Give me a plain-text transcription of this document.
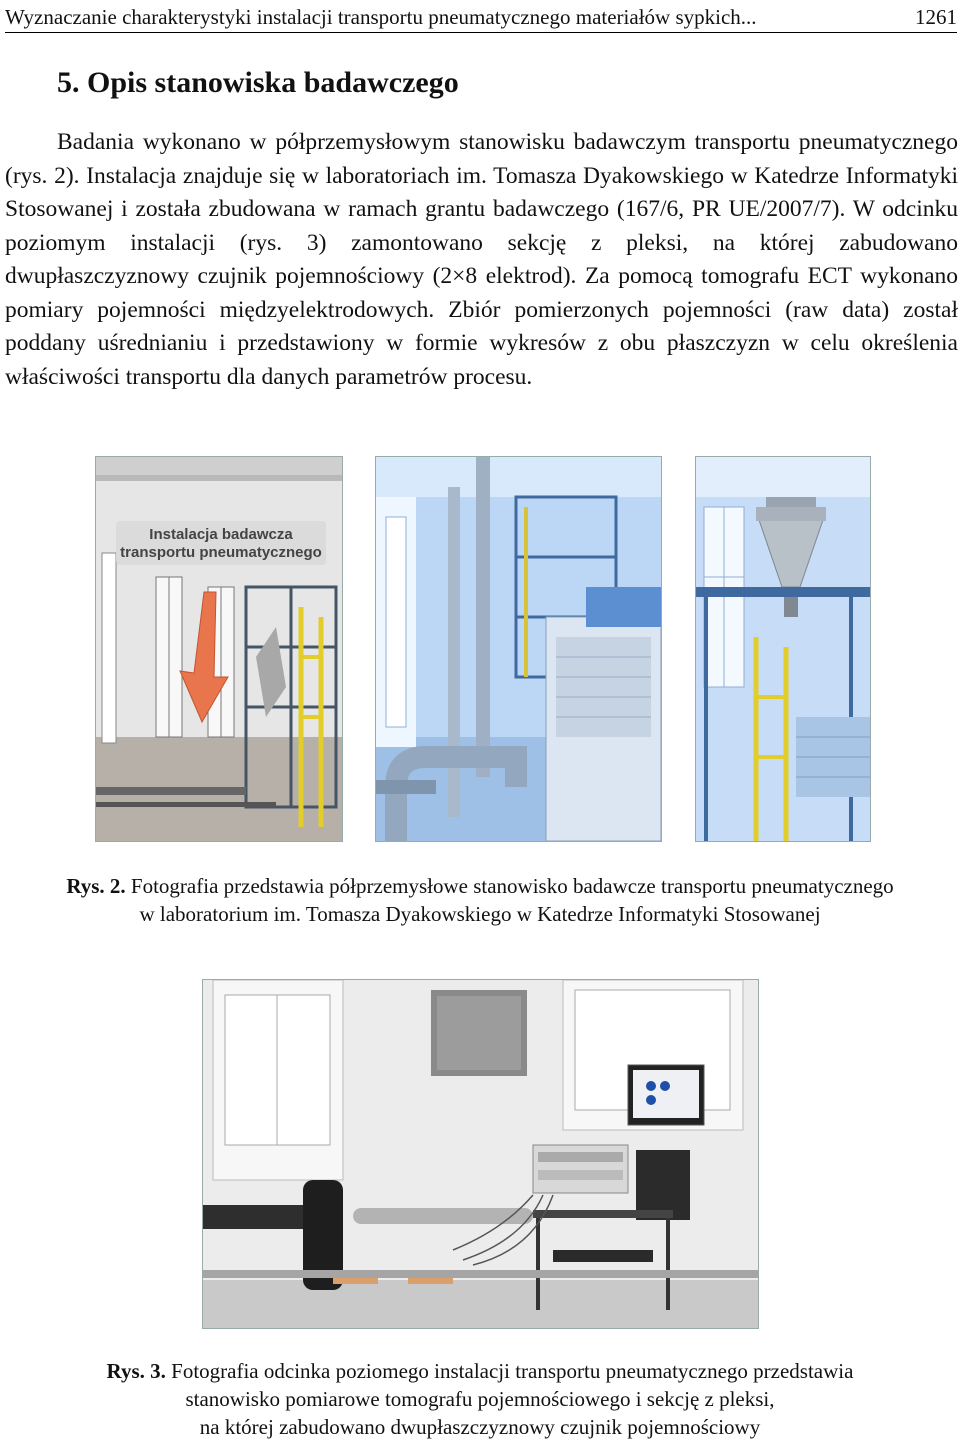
Wyznaczanie charakterystyki instalacji transportu pneumatycznego materiałów sypkich...	1261
5. Opis stanowiska badawczego

Badania wykonano w półprzemysłowym stanowisku badawczym transportu pneumatycznego (rys. 2). Instalacja znajduje się w laboratoriach im. Tomasza Dyakowskiego w Katedrze Informatyki Stosowanej i została zbudowana w ramach grantu badawczego (167/6, PR UE/2007/7). W odcinku poziomym instalacji (rys. 3) zamontowano sekcję z pleksi, na której zabudowano dwupłaszczyznowy czujnik pojemnościowy (2×8 elektrod). Za pomocą tomografu ECT wykonano pomiary pojemności międzyelektrodowych. Zbiór pomierzonych pojemności (raw data) został poddany uśrednianiu i przedstawiony w formie wykresów z obu płaszczyzn w celu określenia właściwości transportu dla danych parametrów procesu.

Instalacja badawcza
transportu pneumatycznego

Rys. 2. Fotografia przedstawia półprzemysłowe stanowisko badawcze transportu pneumatycznego
w laboratorium im. Tomasza Dyakowskiego w Katedrze Informatyki Stosowanej

Rys. 3. Fotografia odcinka poziomego instalacji transportu pneumatycznego przedstawia
stanowisko pomiarowe tomografu pojemnościowego i sekcję z pleksi,
na której zabudowano dwupłaszczyznowy czujnik pojemnościowy
